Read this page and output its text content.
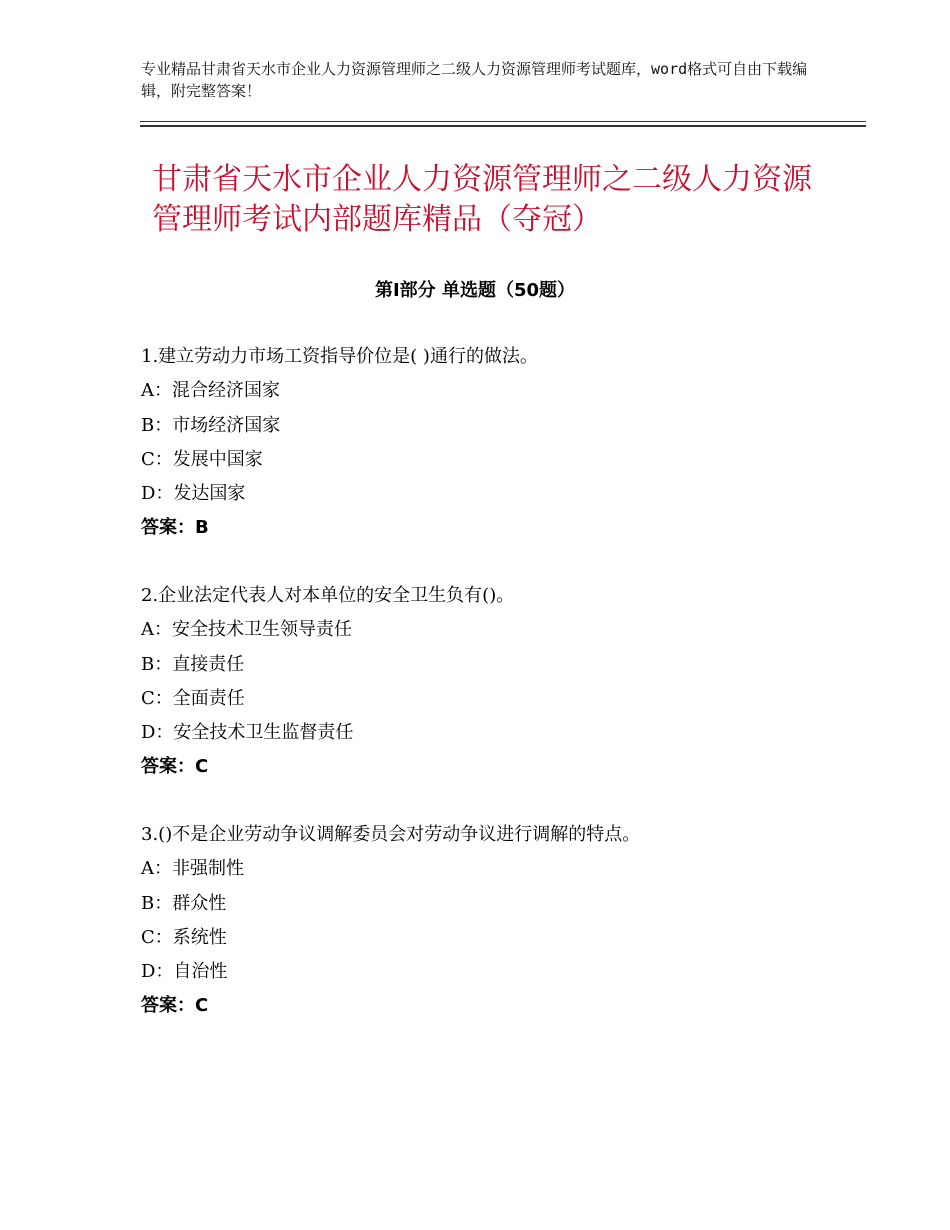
专业精品甘肃省天水市企业人力资源管理师之二级人力资源管理师考试题库，word格式可自由下载编辑，附完整答案！
甘肃省天水市企业人力资源管理师之二级人力资源管理师考试内部题库精品（夺冠）
第Ⅰ部分 单选题（50题）
1.建立劳动力市场工资指导价位是( )通行的做法。
A：混合经济国家
B：市场经济国家
C：发展中国家
D：发达国家
答案：B
2.企业法定代表人对本单位的安全卫生负有()。
A：安全技术卫生领导责任
B：直接责任
C：全面责任
D：安全技术卫生监督责任
答案：C
3.()不是企业劳动争议调解委员会对劳动争议进行调解的特点。
A：非强制性
B：群众性
C：系统性
D：自治性
答案：C
